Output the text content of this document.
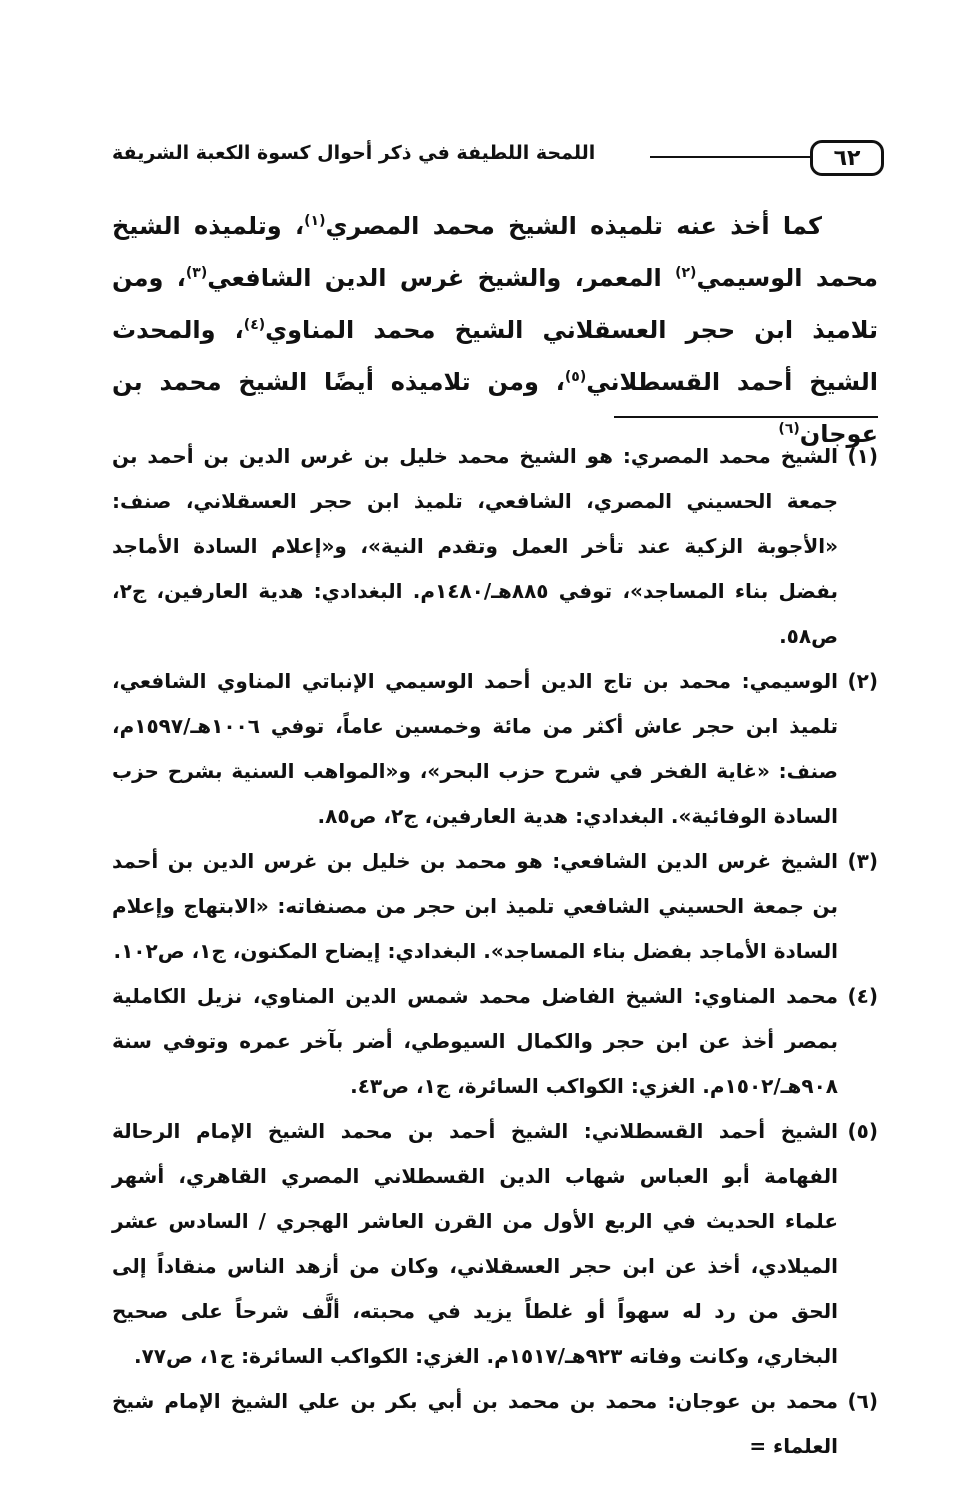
٦٢
اللمحة اللطيفة في ذكر أحوال كسوة الكعبة الشريفة

كما أخذ عنه تلميذه الشيخ محمد المصري$^{(١)}$، وتلميذه الشيخ محمد الوسيمي$^{(٢)}$ المعمر، والشيخ غرس الدين الشافعي$^{(٣)}$، ومن تلاميذ ابن حجر العسقلاني الشيخ محمد المناوي$^{(٤)}$، والمحدث الشيخ أحمد القسطلاني$^{(٥)}$، ومن تلاميذه أيضًا الشيخ محمد بن عوجان$^{(٦)}$

(١)
الشيخ محمد المصري: هو الشيخ محمد خليل بن غرس الدين بن أحمد بن جمعة الحسيني المصري، الشافعي، تلميذ ابن حجر العسقلاني، صنف: «الأجوبة الزكية عند تأخر العمل وتقدم النية»، و«إعلام السادة الأماجد بفضل بناء المساجد»، توفي ٨٨٥هـ/١٤٨٠م. البغدادي: هدية العارفين، ج٢، ص٥٨.
(٢)
الوسيمي: محمد بن تاج الدين أحمد الوسيمي الإنباتي المناوي الشافعي، تلميذ ابن حجر عاش أكثر من مائة وخمسين عاماً، توفي ١٠٠٦هـ/١٥٩٧م، صنف: «غاية الفخر في شرح حزب البحر»، و«المواهب السنية بشرح حزب السادة الوفائية». البغدادي: هدية العارفين، ج٢، ص٨٥.
(٣)
الشيخ غرس الدين الشافعي: هو محمد بن خليل بن غرس الدين بن أحمد بن جمعة الحسيني الشافعي تلميذ ابن حجر من مصنفاته: «الابتهاج وإعلام السادة الأماجد بفضل بناء المساجد». البغدادي: إيضاح المكنون، ج١، ص١٠٢.
(٤)
محمد المناوي: الشيخ الفاضل محمد شمس الدين المناوي، نزيل الكاملية بمصر أخذ عن ابن حجر والكمال السيوطي، أضر بآخر عمره وتوفي سنة ٩٠٨هـ/١٥٠٢م. الغزي: الكواكب السائرة، ج١، ص٤٣.
(٥)
الشيخ أحمد القسطلاني: الشيخ أحمد بن محمد الشيخ الإمام الرحالة الفهامة أبو العباس شهاب الدين القسطلاني المصري القاهري، أشهر علماء الحديث في الربع الأول من القرن العاشر الهجري / السادس عشر الميلادي، أخذ عن ابن حجر العسقلاني، وكان من أزهد الناس منقاداً إلى الحق من رد له سهواً أو غلطاً يزيد في محبته، ألَّف شرحاً على صحيح البخاري، وكانت وفاته ٩٢٣هـ/١٥١٧م. الغزي: الكواكب السائرة: ج١، ص٧٧.
(٦)
محمد بن عوجان: محمد بن محمد بن أبي بكر بن علي الشيخ الإمام شيخ العلماء =
